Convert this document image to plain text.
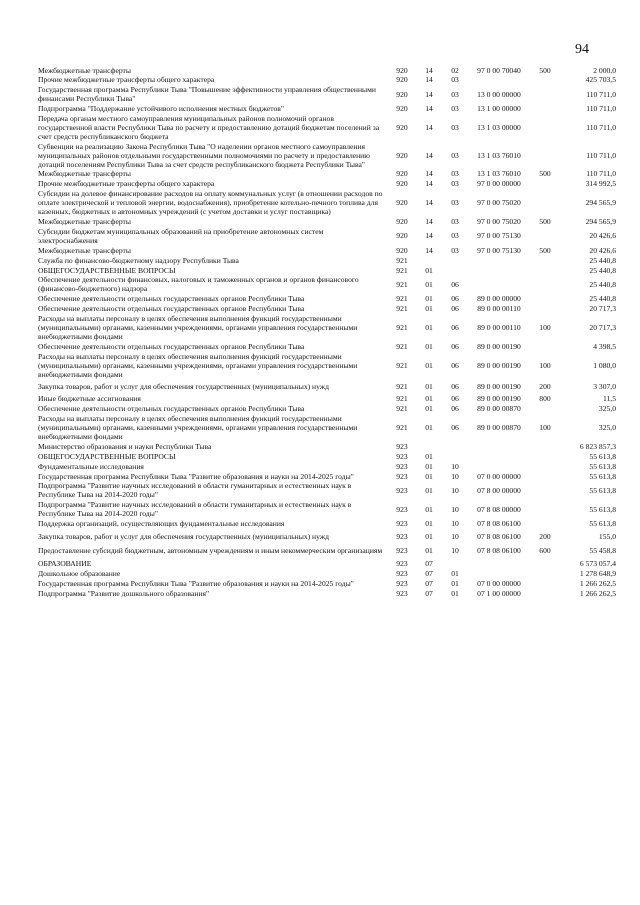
94
Межбюджетные трансферты	920	14	02	97 0 00 70040	500	2 000,0
Прочие межбюджетные трансферты общего характера	920	14	03			425 703,5
Государственная программа Республики Тыва "Повышение эффективности управления общественными финансами Республики Тыва"	920	14	03	13 0 00 00000		110 711,0
Подпрограмма "Поддержание устойчивого исполнения местных бюджетов"	920	14	03	13 1 00 00000		110 711,0
Передача органам местного самоуправления муниципальных районов полномочий органов государственной власти Республики Тыва по расчету и предоставлению дотаций бюджетам поселений за счет средств республиканского бюджета	920	14	03	13 1 03 00000		110 711,0
Субвенции на реализацию Закона Республики Тыва "О наделении органов местного самоуправления муниципальных районов отдельными государственными полномочиями по расчету и предоставлению дотаций поселениям Республики Тыва за счет средств республиканского бюджета Республики Тыва"	920	14	03	13 1 03 76010		110 711,0
Межбюджетные трансферты	920	14	03	13 1 03 76010	500	110 711,0
Прочие межбюджетные трансферты общего характера	920	14	03	97 0 00 00000		314 992,5
Субсидии на долевое финансирование расходов на оплату коммунальных услуг (в отношении расходов по оплате электрической и тепловой энергии, водоснабжения), приобретение котельно-печного топлива для казенных, бюджетных и автономных учреждений (с учетом доставки и услуг поставщика)	920	14	03	97 0 00 75020		294 565,9
Межбюджетные трансферты	920	14	03	97 0 00 75020	500	294 565,9
Субсидии бюджетам муниципальных образований на приобретение автономных систем электроснабжения	920	14	03	97 0 00 75130		20 426,6
Межбюджетные трансферты	920	14	03	97 0 00 75130	500	20 426,6
Служба по финансово-бюджетному надзору Республики Тыва	921					25 440,8
ОБЩЕГОСУДАРСТВЕННЫЕ ВОПРОСЫ	921	01				25 440,8
Обеспечение деятельности финансовых, налоговых и таможенных органов и органов финансового (финансово-бюджетного) надзора	921	01	06			25 440,8
Обеспечение деятельности отдельных государственных органов Республики Тыва	921	01	06	89 0 00 00000		25 440,8
Обеспечение деятельности отдельных государственных органов Республики Тыва	921	01	06	89 0 00 00110		20 717,3
Расходы на выплаты персоналу в целях обеспечения выполнения функций государственными (муниципальными) органами, казенными учреждениями, органами управления государственными внебюджетными фондами	921	01	06	89 0 00 00110	100	20 717,3
Обеспечение деятельности отдельных государственных органов Республики Тыва	921	01	06	89 0 00 00190		4 398,5
Расходы на выплаты персоналу в целях обеспечения выполнения функций государственными (муниципальными) органами, казенными учреждениями, органами управления государственными внебюджетными фондами	921	01	06	89 0 00 00190	100	1 080,0
Закупка товаров, работ и услуг для обеспечения государственных (муниципальных) нужд	921	01	06	89 0 00 00190	200	3 307,0
Иные бюджетные ассигнования	921	01	06	89 0 00 00190	800	11,5
Обеспечение деятельности отдельных государственных органов Республики Тыва	921	01	06	89 0 00 00870		325,0
Расходы на выплаты персоналу в целях обеспечения выполнения функций государственными (муниципальными) органами, казенными учреждениями, органами управления государственными внебюджетными фондами	921	01	06	89 0 00 00870	100	325,0
Министерство образования и науки Республики Тыва	923					6 823 857,3
ОБЩЕГОСУДАРСТВЕННЫЕ ВОПРОСЫ	923	01				55 613,8
Фундаментальные исследования	923	01	10			55 613,8
Государственная программа Республики Тыва "Развитие образования и науки на 2014-2025 годы"	923	01	10	07 0 00 00000		55 613,8
Подпрограмма "Развитие научных исследований в области гуманитарных и естественных наук в Республике Тыва на 2014-2020 годы"	923	01	10	07 8 00 00000		55 613,8
Подпрограмма "Развитие научных исследований в области гуманитарных и естественных наук в Республике Тыва на 2014-2020 годы"	923	01	10	07 8 08 00000		55 613,8
Поддержка организаций, осуществляющих фундаментальные исследования	923	01	10	07 8 08 06100		55 613,8
Закупка товаров, работ и услуг для обеспечения государственных (муниципальных) нужд	923	01	10	07 8 08 06100	200	155,0
Предоставление субсидий бюджетным, автономным учреждениям и иным некоммерческим организациям	923	01	10	07 8 08 06100	600	55 458,8
ОБРАЗОВАНИЕ	923	07				6 573 057,4
Дошкольное образование	923	07	01			1 278 648,9
Государственная программа Республики Тыва "Развитие образования и науки на 2014-2025 годы"	923	07	01	07 0 00 00000		1 266 262,5
Подпрограмма "Развитие дошкольного образования"	923	07	01	07 1 00 00000		1 266 262,5
